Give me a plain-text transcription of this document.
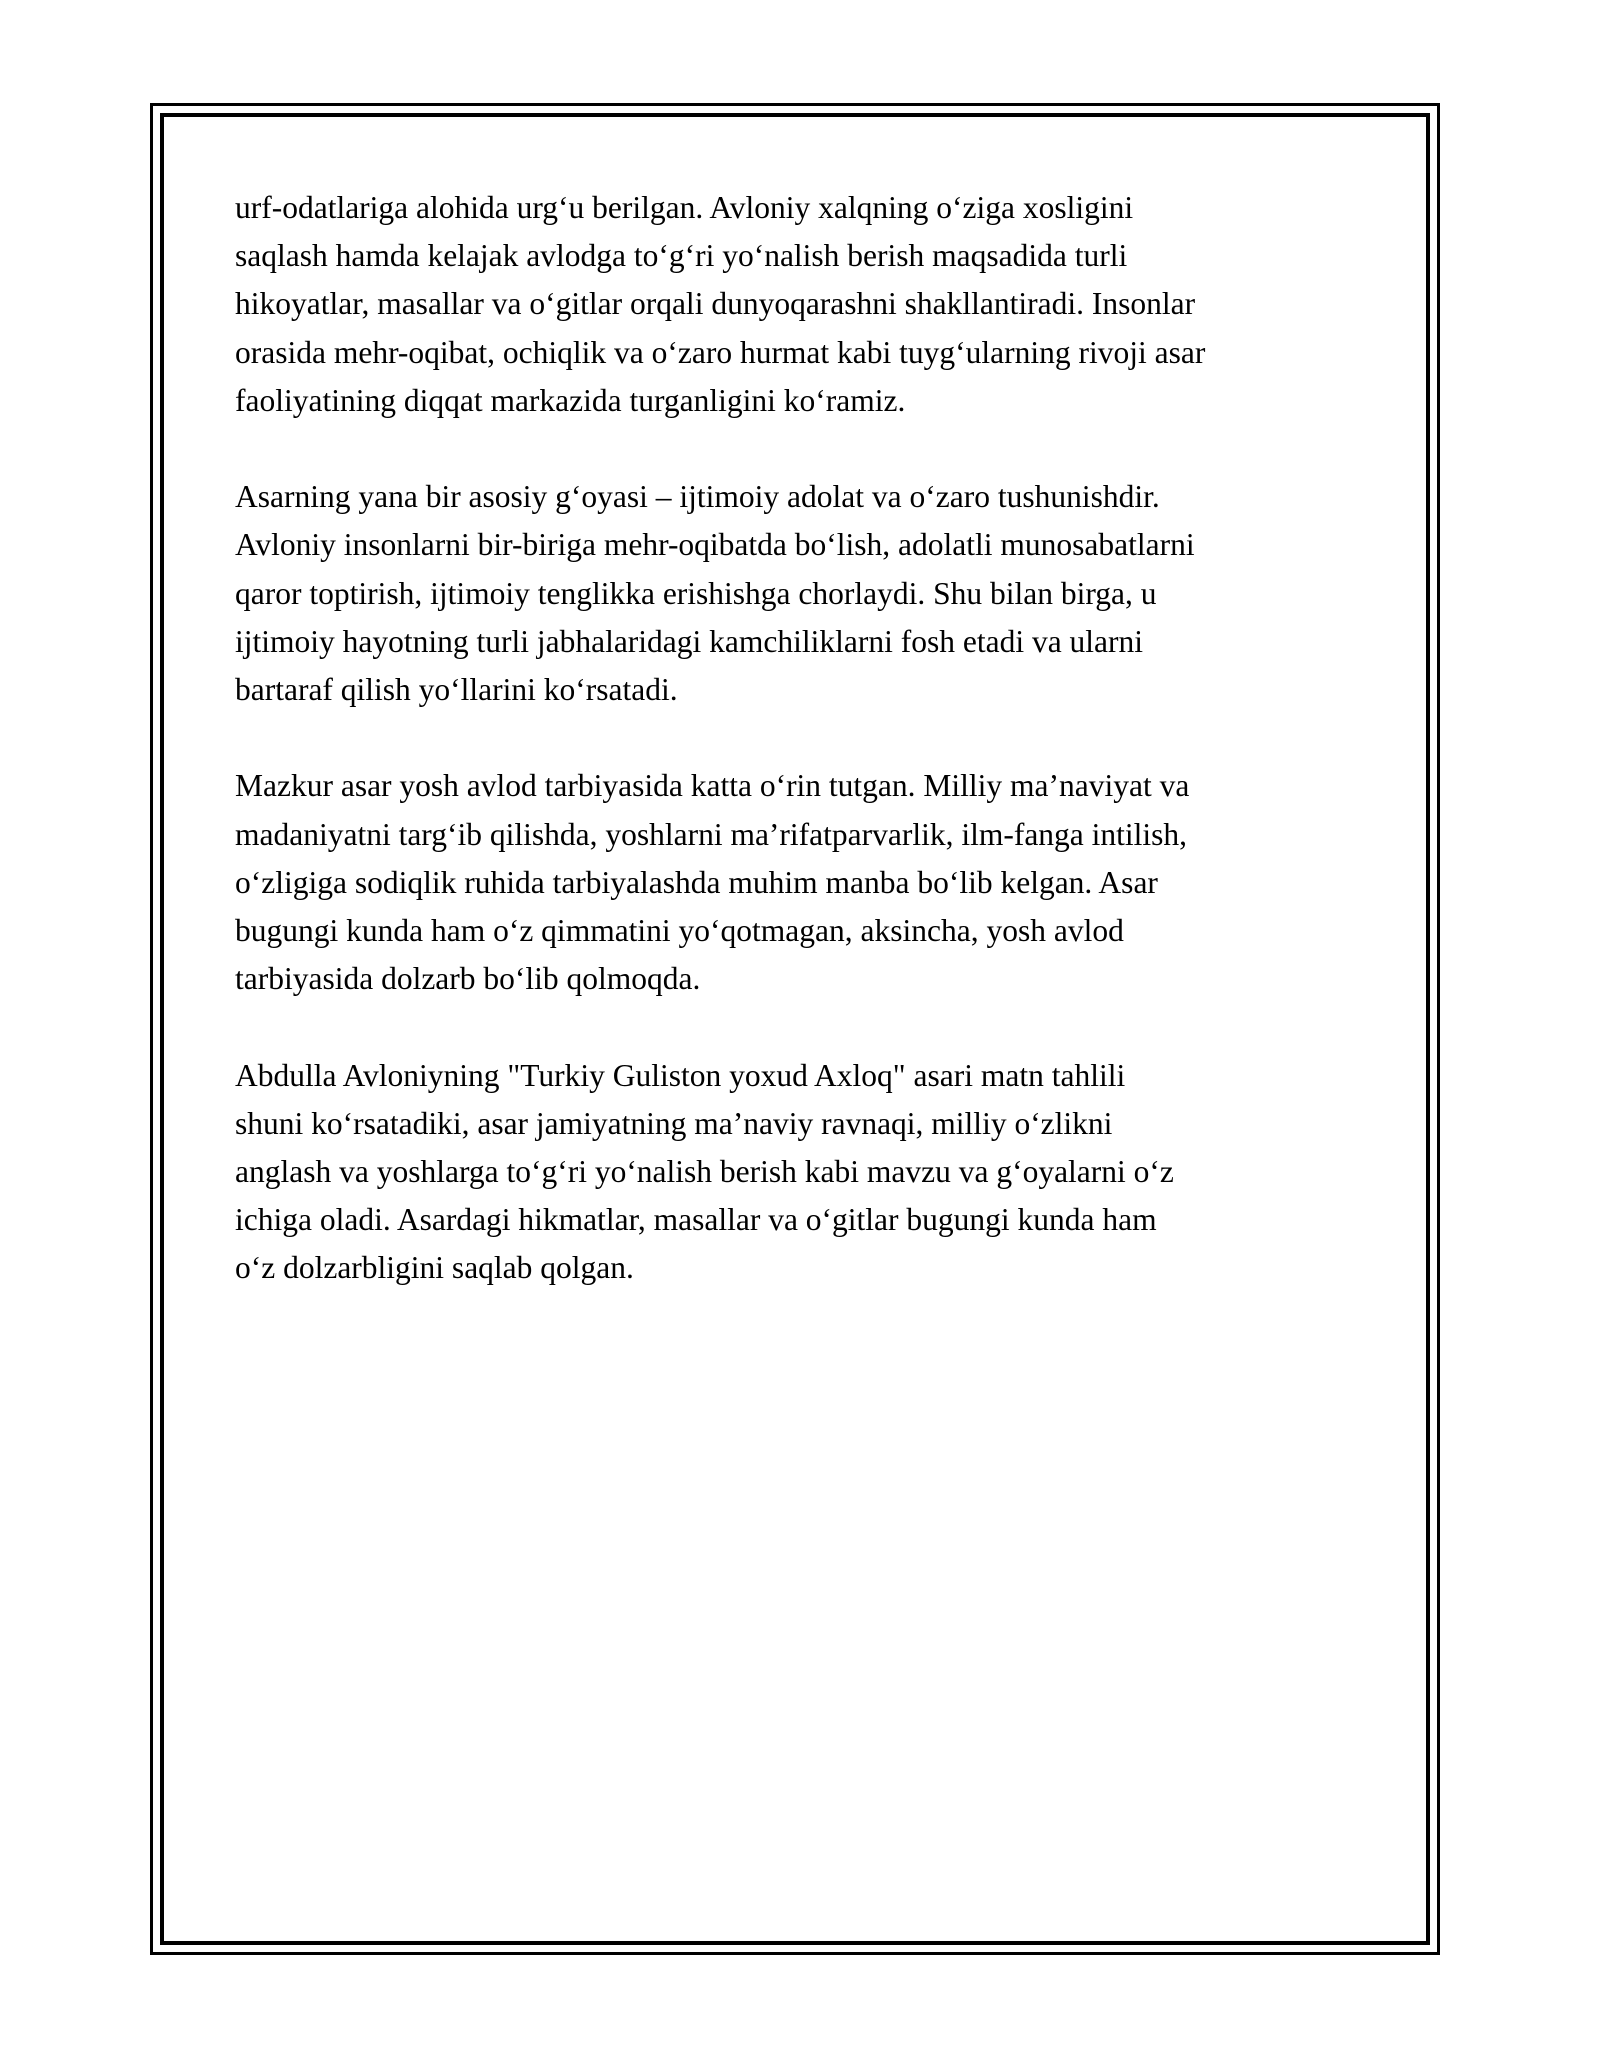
urf-odatlariga alohida urg‘u berilgan. Avloniy xalqning o‘ziga xosligini
saqlash hamda kelajak avlodga to‘g‘ri yo‘nalish berish maqsadida turli
hikoyatlar, masallar va o‘gitlar orqali dunyoqarashni shakllantiradi. Insonlar
orasida mehr-oqibat, ochiqlik va o‘zaro hurmat kabi tuyg‘ularning rivoji asar
faoliyatining diqqat markazida turganligini ko‘ramiz.

Asarning yana bir asosiy g‘oyasi – ijtimoiy adolat va o‘zaro tushunishdir.
Avloniy insonlarni bir-biriga mehr-oqibatda bo‘lish, adolatli munosabatlarni
qaror toptirish, ijtimoiy tenglikka erishishga chorlaydi. Shu bilan birga, u
ijtimoiy hayotning turli jabhalaridagi kamchiliklarni fosh etadi va ularni
bartaraf qilish yo‘llarini ko‘rsatadi.

Mazkur asar yosh avlod tarbiyasida katta o‘rin tutgan. Milliy ma’naviyat va
madaniyatni targ‘ib qilishda, yoshlarni ma’rifatparvarlik, ilm-fanga intilish,
o‘zligiga sodiqlik ruhida tarbiyalashda muhim manba bo‘lib kelgan. Asar
bugungi kunda ham o‘z qimmatini yo‘qotmagan, aksincha, yosh avlod
tarbiyasida dolzarb bo‘lib qolmoqda.

Abdulla Avloniyning "Turkiy Guliston yoxud Axloq" asari matn tahlili
shuni ko‘rsatadiki, asar jamiyatning ma’naviy ravnaqi, milliy o‘zlikni
anglash va yoshlarga to‘g‘ri yo‘nalish berish kabi mavzu va g‘oyalarni o‘z
ichiga oladi. Asardagi hikmatlar, masallar va o‘gitlar bugungi kunda ham
o‘z dolzarbligini saqlab qolgan.
